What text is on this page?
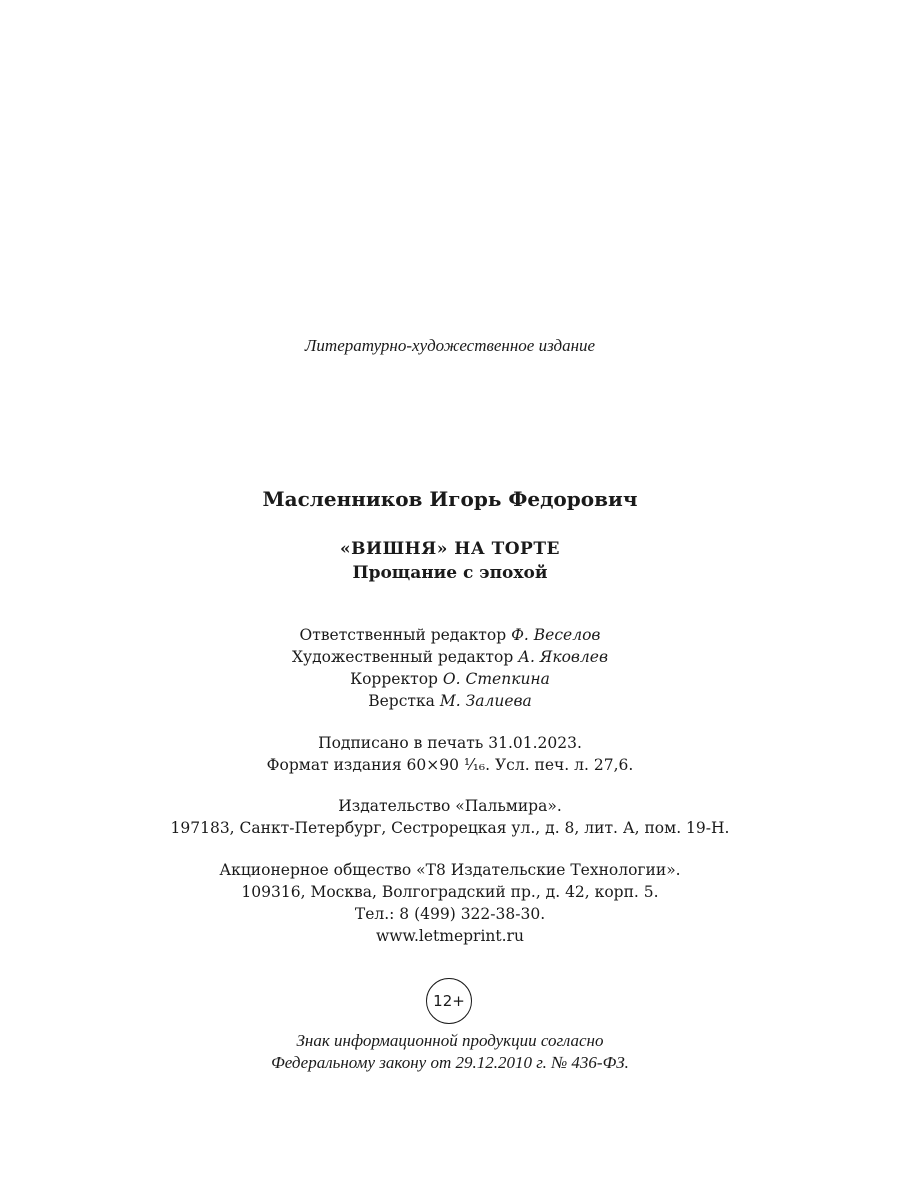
Литературно-художественное издание
Масленников Игорь Федорович
«ВИШНЯ» НА ТОРТЕ
Прощание с эпохой
Ответственный редактор Ф. Веселов
Художественный редактор А. Яковлев
Корректор О. Степкина
Верстка М. Залиева
Подписано в печать 31.01.2023.
Формат издания 60×90 ¹⁄₁₆. Усл. печ. л. 27,6.
Издательство «Пальмира».
197183, Санкт-Петербург, Сестрорецкая ул., д. 8, лит. А, пом. 19-Н.
Акционерное общество «Т8 Издательские Технологии».
109316, Москва, Волгоградский пр., д. 42, корп. 5.
Тел.: 8 (499) 322-38-30.
www.letmeprint.ru
12+
Знак информационной продукции согласно
Федеральному закону от 29.12.2010 г. № 436-ФЗ.
